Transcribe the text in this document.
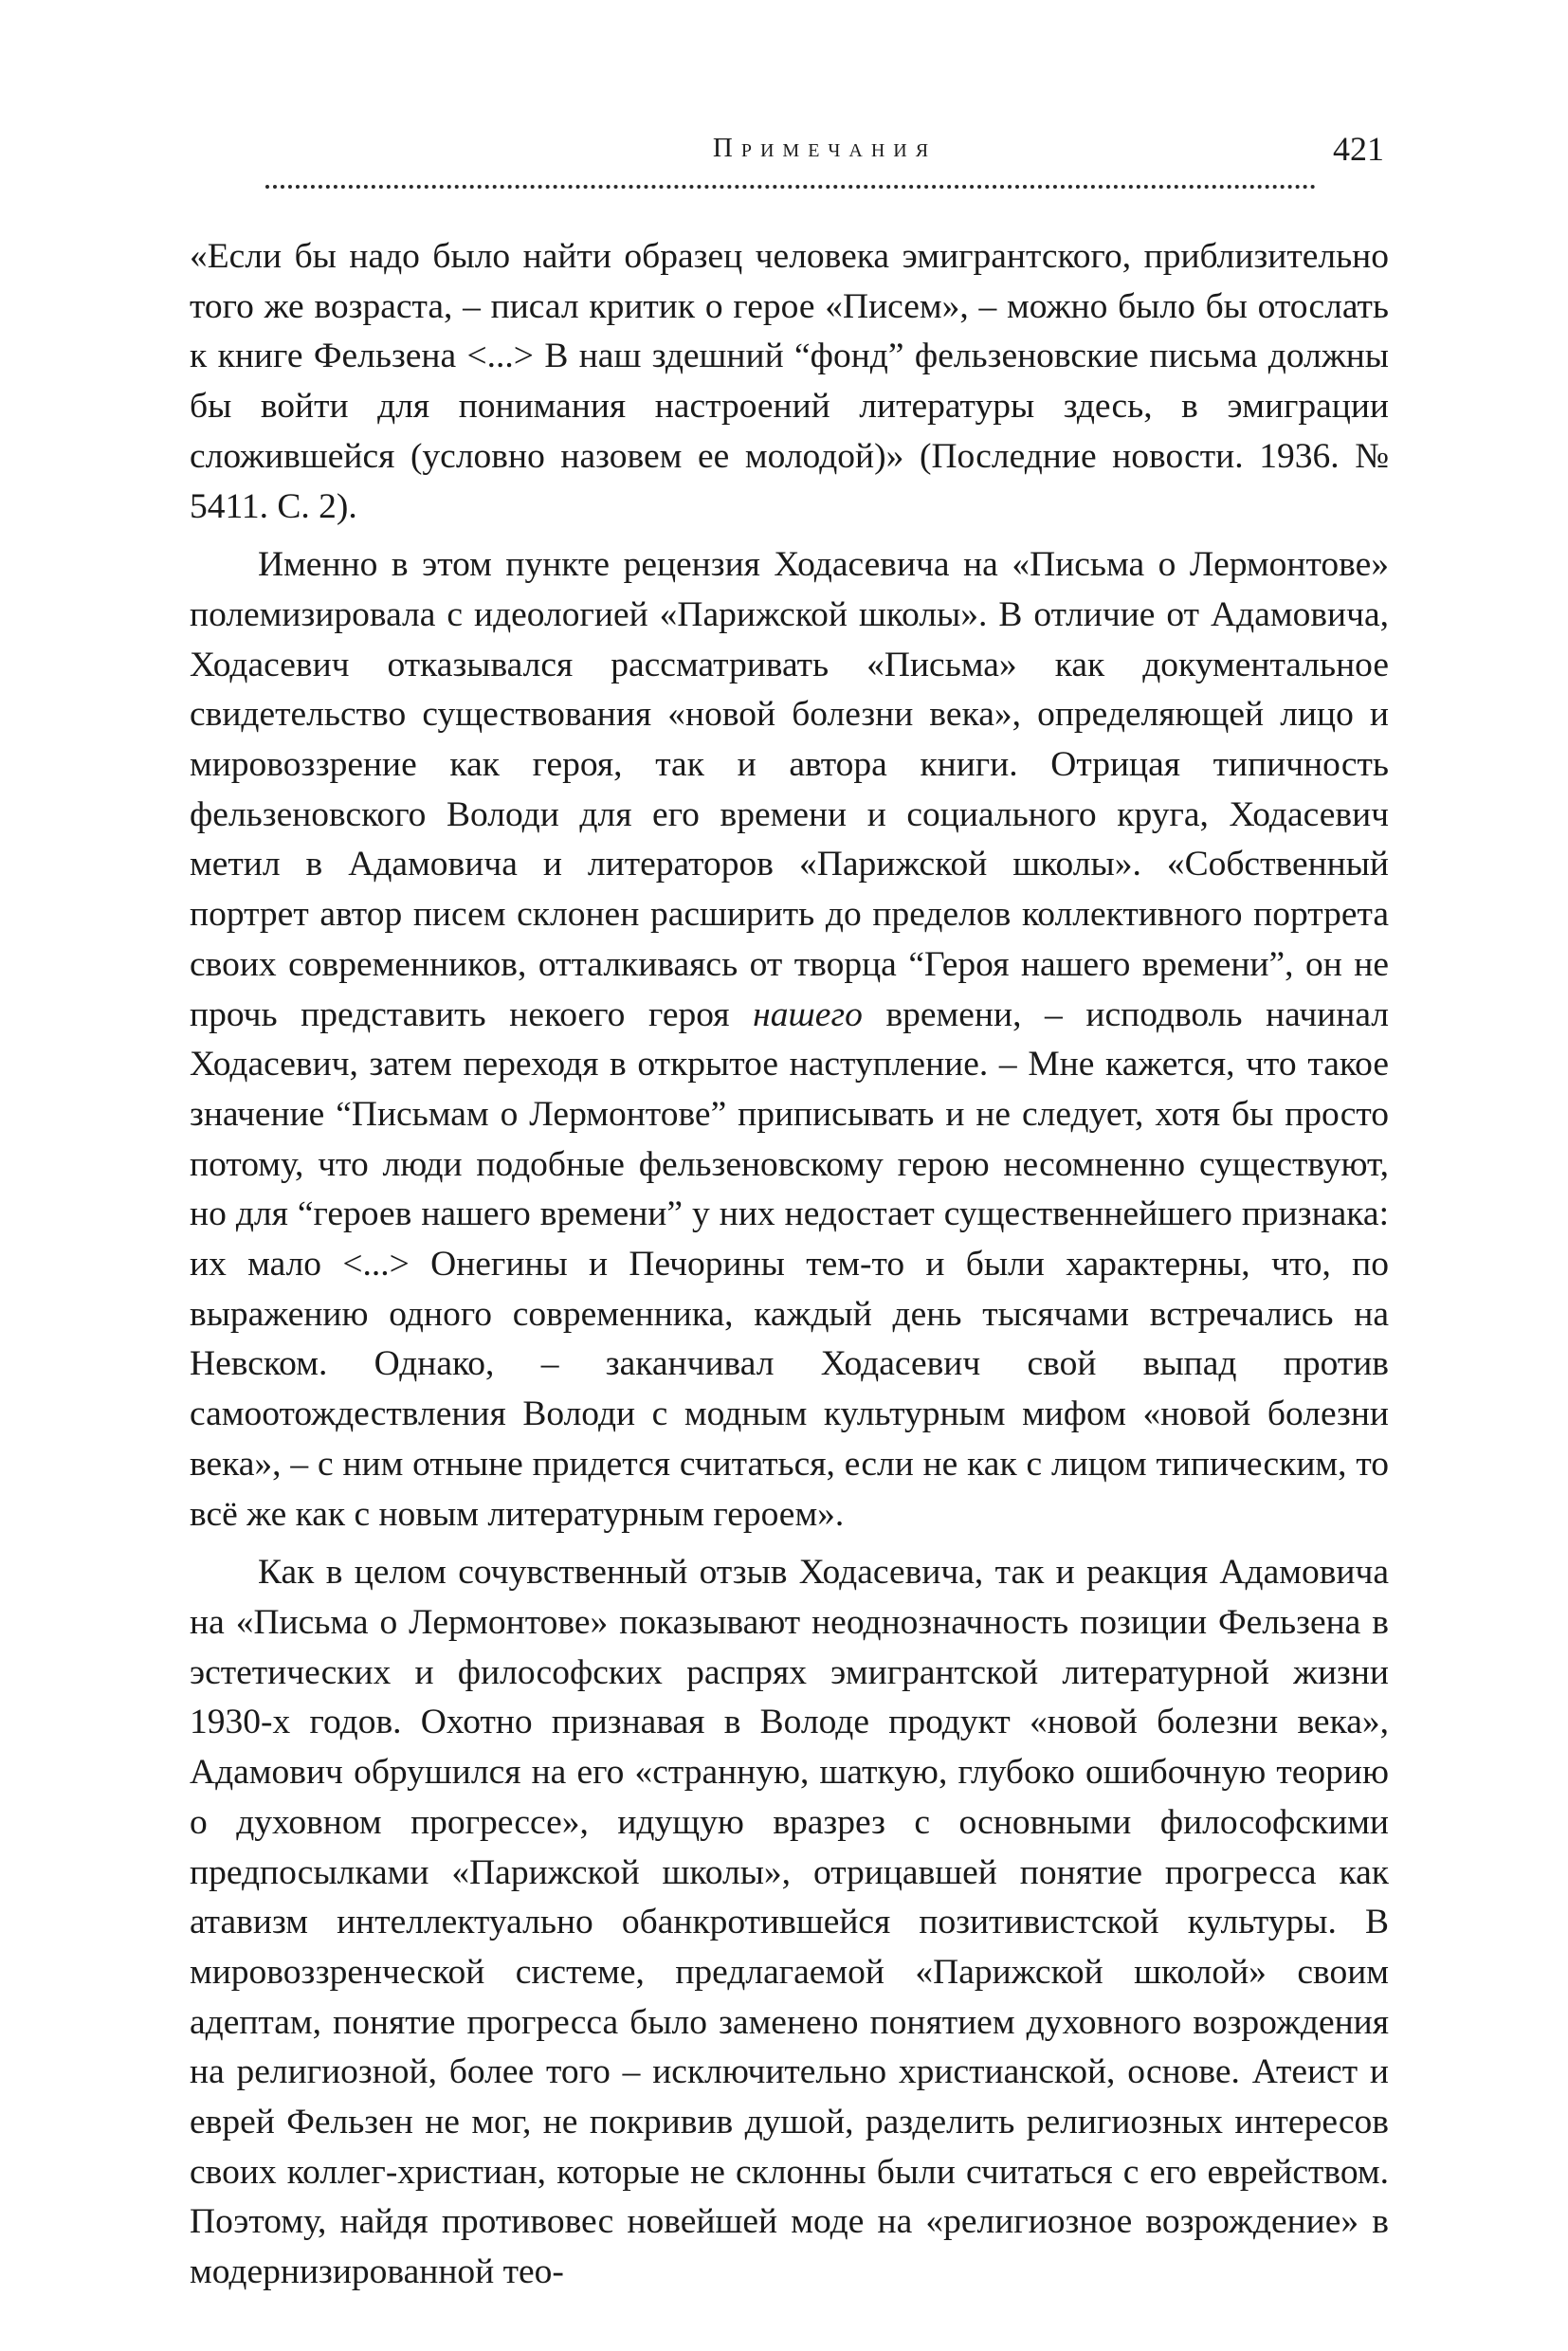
Примечания	421

«Если бы надо было найти образец человека эмигрантского, приблизительно того же возраста, – писал критик о герое «Писем», – можно было бы отослать к книге Фельзена <...> В наш здешний “фонд” фельзеновские письма должны бы войти для понимания настроений литературы здесь, в эмиграции сложившейся (условно назовем ее молодой)» (Последние новости. 1936. № 5411. С. 2).

Именно в этом пункте рецензия Ходасевича на «Письма о Лермонтове» полемизировала с идеологией «Парижской школы». В отличие от Адамовича, Ходасевич отказывался рассматривать «Письма» как документальное свидетельство существования «новой болезни века», определяющей лицо и мировоззрение как героя, так и автора книги. Отрицая типичность фельзеновского Володи для его времени и социального круга, Ходасевич метил в Адамовича и литераторов «Парижской школы». «Собственный портрет автор писем склонен расширить до пределов коллективного портрета своих современников, отталкиваясь от творца “Героя нашего времени”, он не прочь представить некоего героя нашего времени, – исподволь начинал Ходасевич, затем переходя в открытое наступление. – Мне кажется, что такое значение “Письмам о Лермонтове” приписывать и не следует, хотя бы просто потому, что люди подобные фельзеновскому герою несомненно существуют, но для “героев нашего времени” у них недостает существеннейшего признака: их мало <...> Онегины и Печорины тем-то и были характерны, что, по выражению одного современника, каждый день тысячами встречались на Невском. Однако, – заканчивал Ходасевич свой выпад против самоотождествления Володи с модным культурным мифом «новой болезни века», – с ним отныне придется считаться, если не как с лицом типическим, то всё же как с новым литературным героем».

Как в целом сочувственный отзыв Ходасевича, так и реакция Адамовича на «Письма о Лермонтове» показывают неоднозначность позиции Фельзена в эстетических и философских распрях эмигрантской литературной жизни 1930-х годов. Охотно признавая в Володе продукт «новой болезни века», Адамович обрушился на его «странную, шаткую, глубоко ошибочную теорию о духовном прогрессе», идущую вразрез с основными философскими предпосылками «Парижской школы», отрицавшей понятие прогресса как атавизм интеллектуально обанкротившейся позитивистской культуры. В мировоззренческой системе, предлагаемой «Парижской школой» своим адептам, понятие прогресса было заменено понятием духовного возрождения на религиозной, более того – исключительно христианской, основе. Атеист и еврей Фельзен не мог, не покривив душой, разделить религиозных интересов своих коллег-христиан, которые не склонны были считаться с его еврейством. Поэтому, найдя противовес новейшей моде на «религиозное возрождение» в модернизированной тео-
